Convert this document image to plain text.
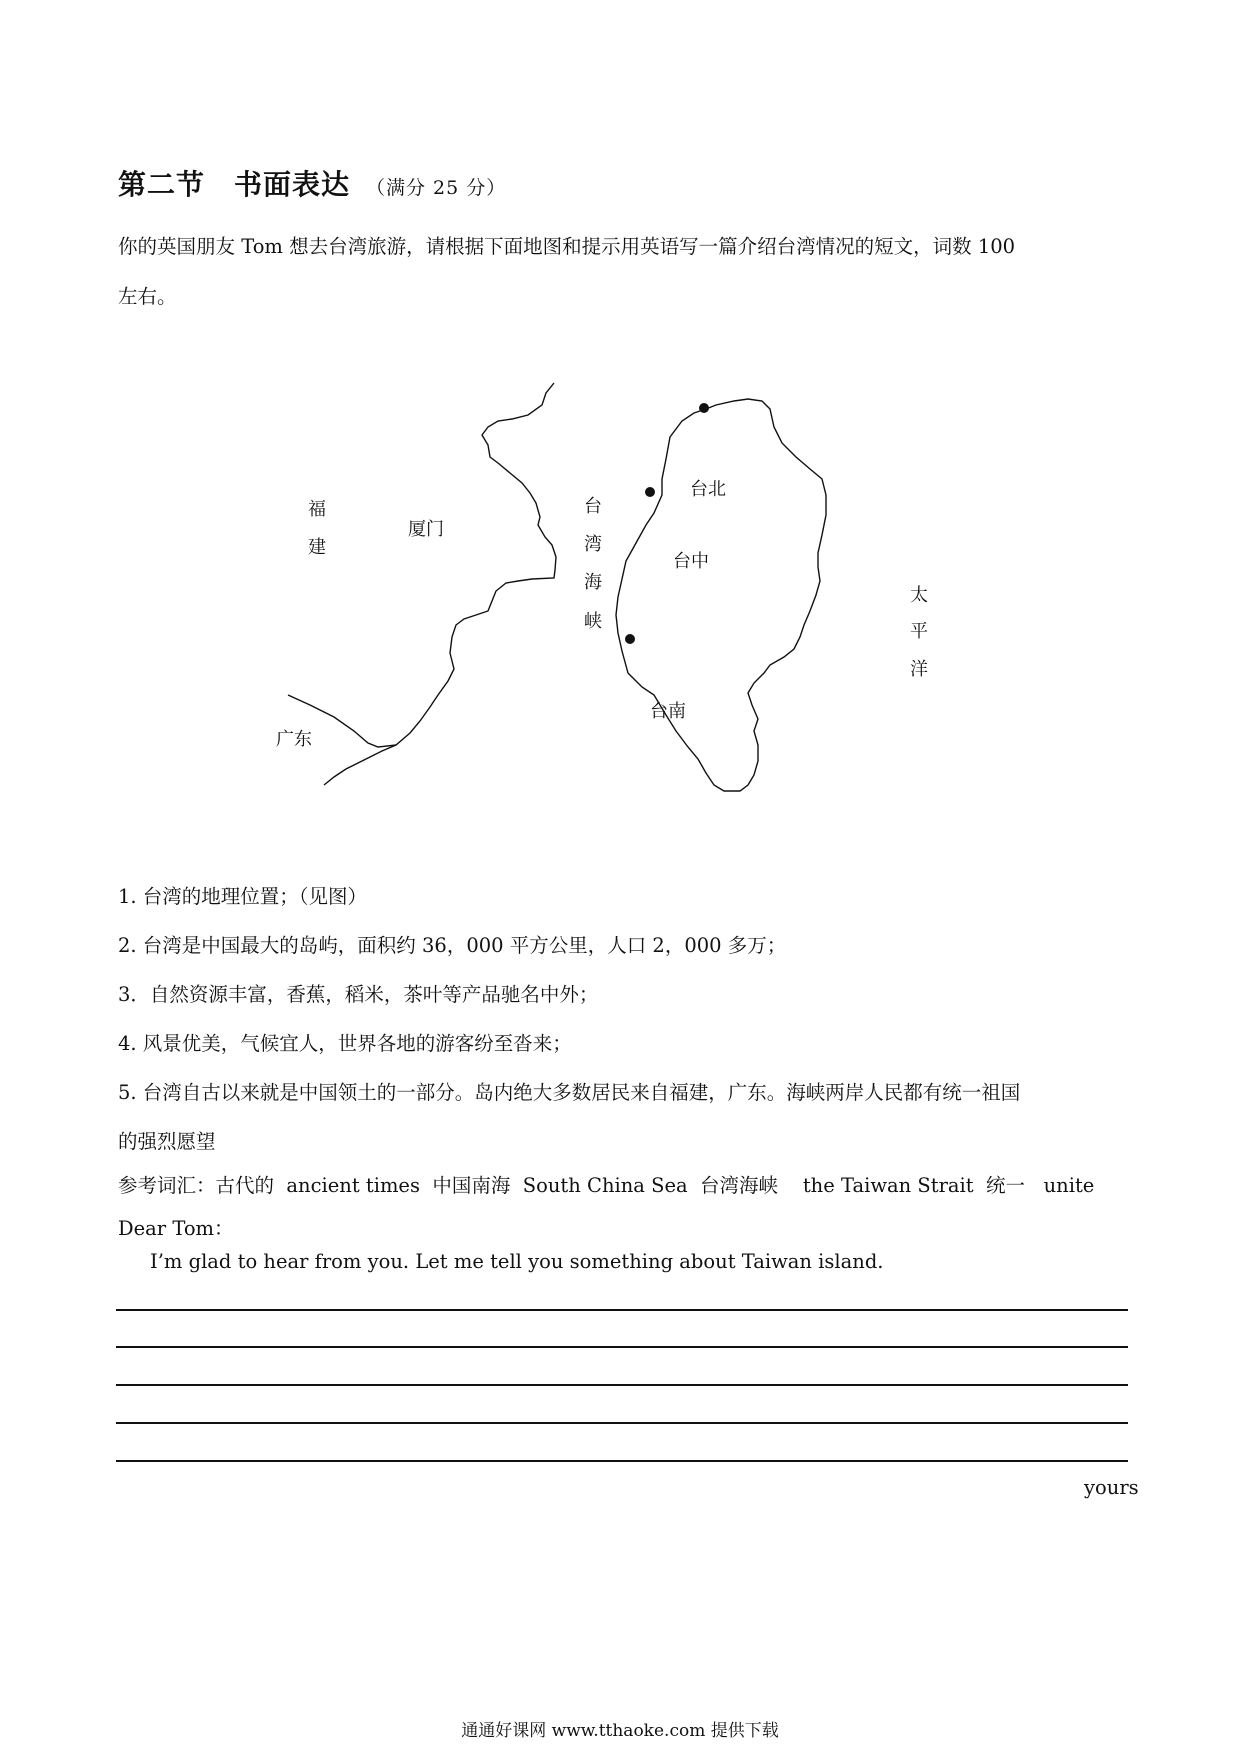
第二节　书面表达 （满分 25 分）
你的英国朋友 Tom 想去台湾旅游，请根据下面地图和提示用英语写一篇介绍台湾情况的短文，词数 100
左右。
福
建
厦门
广东
台
湾
海
峡
台北
台中
台南
太
平
洋
1. 台湾的地理位置；（见图）
2. 台湾是中国最大的岛屿，面积约 36，000 平方公里，人口 2，000 多万；
3．自然资源丰富，香蕉，稻米，茶叶等产品驰名中外；
4. 风景优美，气候宜人，世界各地的游客纷至沓来；
5. 台湾自古以来就是中国领土的一部分。岛内绝大多数居民来自福建，广东。海峡两岸人民都有统一祖国
的强烈愿望
参考词汇：古代的  ancient times  中国南海  South China Sea  台湾海峡    the Taiwan Strait  统一   unite
Dear Tom：
I’m glad to hear from you. Let me tell you something about Taiwan island.
yours
通通好课网 www.tthaoke.com 提供下载
